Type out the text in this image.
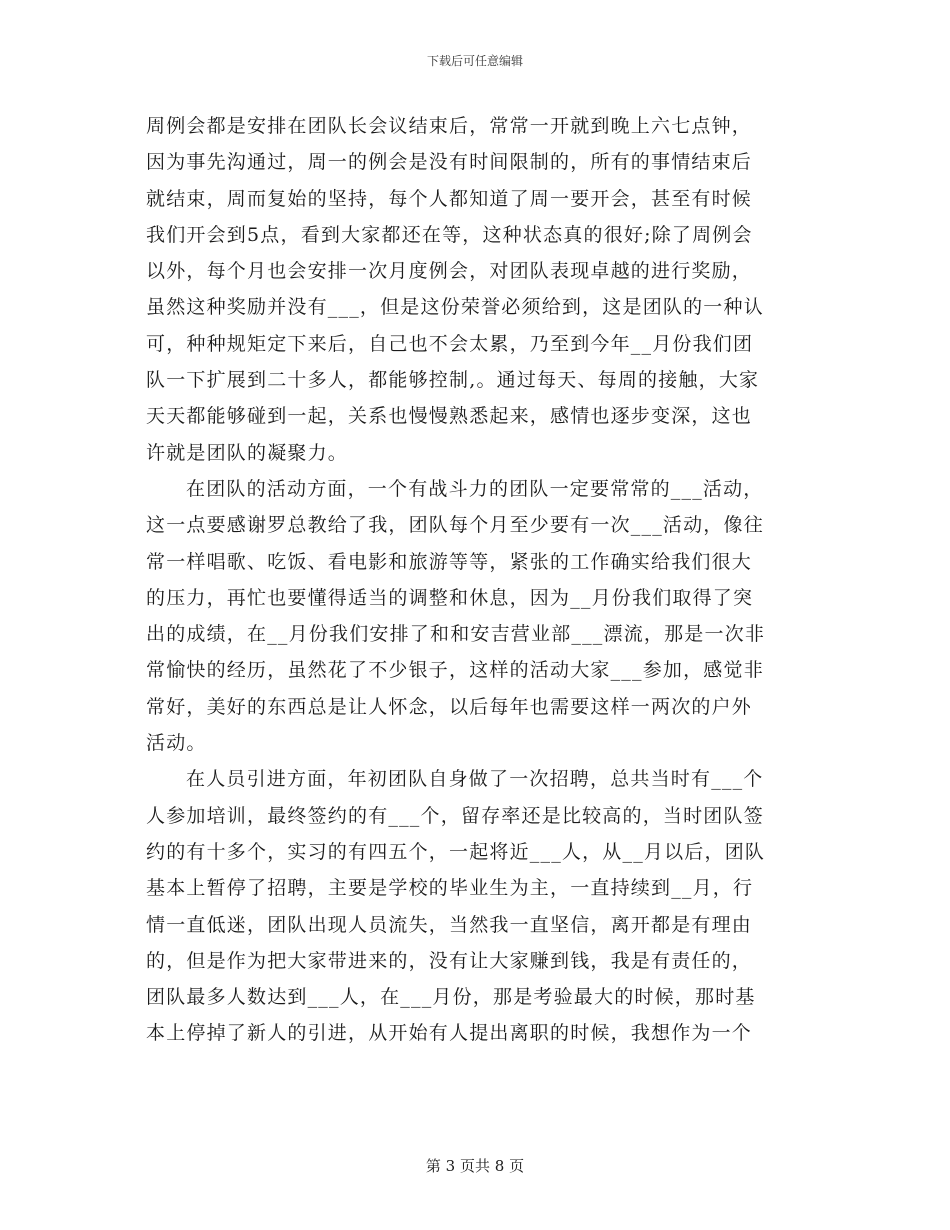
下载后可任意编辑
周例会都是安排在团队长会议结束后，常常一开就到晚上六七点钟，
因为事先沟通过，周一的例会是没有时间限制的，所有的事情结束后
就结束，周而复始的坚持，每个人都知道了周一要开会，甚至有时候
我们开会到5点，看到大家都还在等，这种状态真的很好;除了周例会
以外，每个月也会安排一次月度例会，对团队表现卓越的进行奖励，
虽然这种奖励并没有___，但是这份荣誉必须给到，这是团队的一种认
可，种种规矩定下来后，自己也不会太累，乃至到今年__月份我们团
队一下扩展到二十多人，都能够控制,。通过每天、每周的接触，大家
天天都能够碰到一起，关系也慢慢熟悉起来，感情也逐步变深，这也
许就是团队的凝聚力。
在团队的活动方面，一个有战斗力的团队一定要常常的___活动，
这一点要感谢罗总教给了我，团队每个月至少要有一次___活动，像往
常一样唱歌、吃饭、看电影和旅游等等，紧张的工作确实给我们很大
的压力，再忙也要懂得适当的调整和休息，因为__月份我们取得了突
出的成绩，在__月份我们安排了和和安吉营业部___漂流，那是一次非
常愉快的经历，虽然花了不少银子，这样的活动大家___参加，感觉非
常好，美好的东西总是让人怀念，以后每年也需要这样一两次的户外
活动。
在人员引进方面，年初团队自身做了一次招聘，总共当时有___个
人参加培训，最终签约的有___个，留存率还是比较高的，当时团队签
约的有十多个，实习的有四五个，一起将近___人，从__月以后，团队
基本上暂停了招聘，主要是学校的毕业生为主，一直持续到__月，行
情一直低迷，团队出现人员流失，当然我一直坚信，离开都是有理由
的，但是作为把大家带进来的，没有让大家赚到钱，我是有责任的，
团队最多人数达到___人，在___月份，那是考验最大的时候，那时基
本上停掉了新人的引进，从开始有人提出离职的时候，我想作为一个
第 3 页共 8 页
